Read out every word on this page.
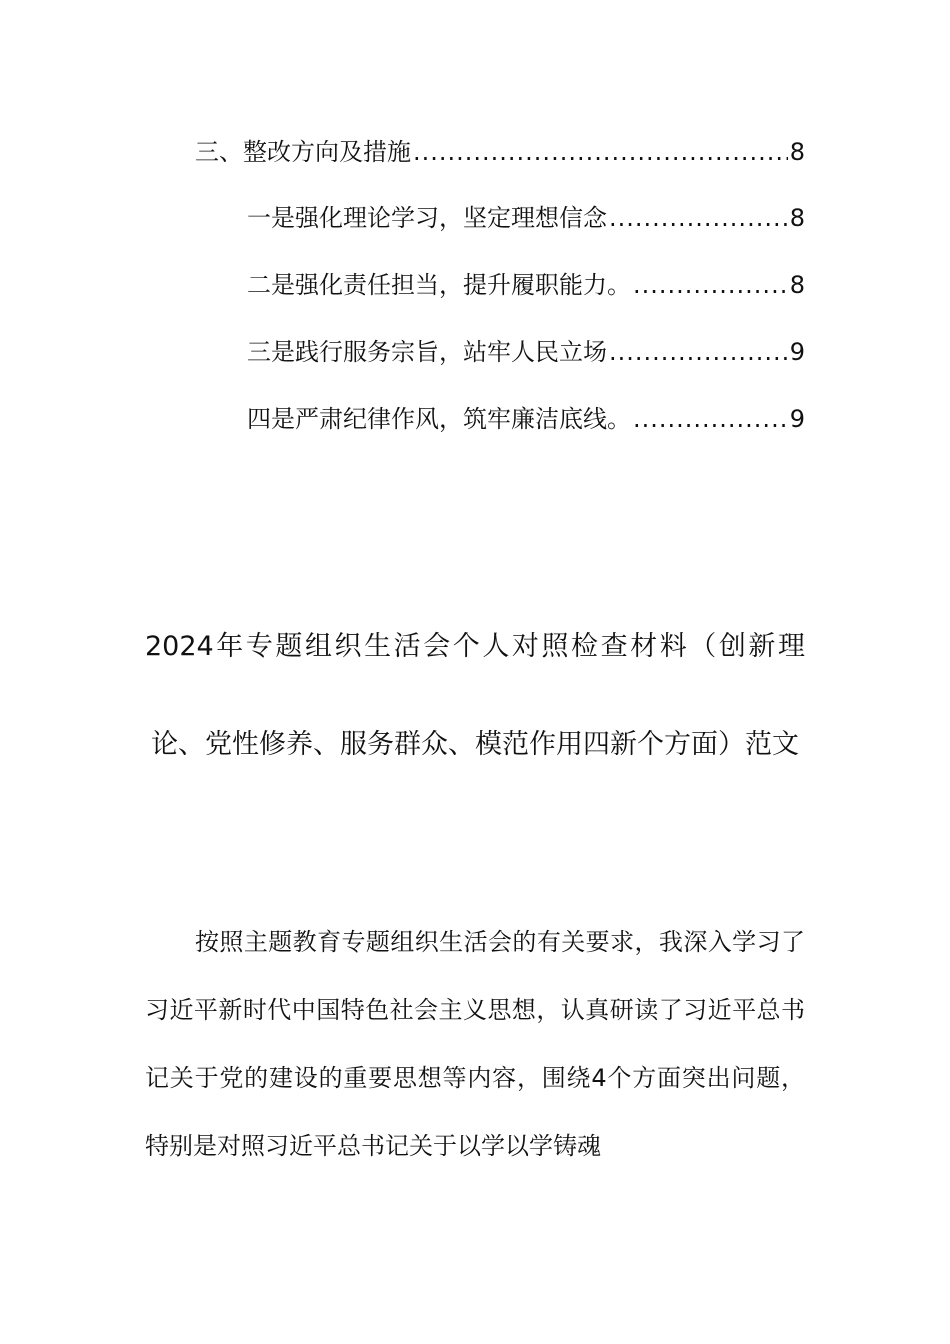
三、整改方向及措施 .....	8
一是强化理论学习，坚定理想信念 .....	8
二是强化责任担当，提升履职能力。 .....	8
三是践行服务宗旨，站牢人民立场 .....	9
四是严肃纪律作风，筑牢廉洁底线。 .....	9
2024年专题组织生活会个人对照检查材料（创新理论、党性修养、服务群众、模范作用四新个方面）范文

按照主题教育专题组织生活会的有关要求，我深入学习了习近平新时代中国特色社会主义思想，认真研读了习近平总书记关于党的建设的重要思想等内容，围绕4个方面突出问题，特别是对照习近平总书记关于以学以学铸魂
